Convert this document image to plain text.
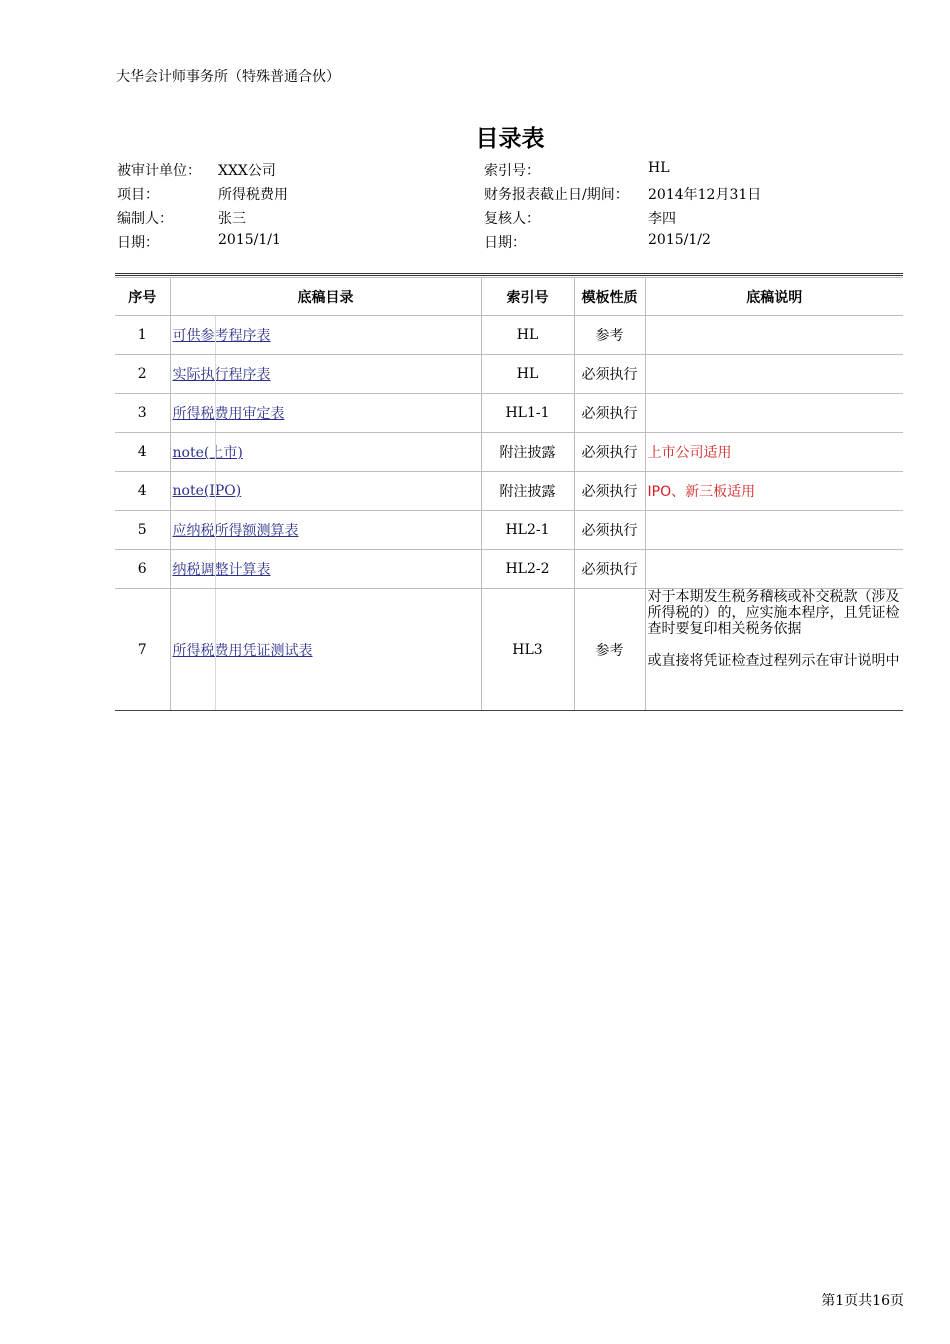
大华会计师事务所（特殊普通合伙）
目录表
被审计单位： XXX公司	索引号：	HL
项目：	所得税费用	财务报表截止日/期间： 2014年12月31日
编制人：	张三	复核人：	李四
日期：	2015/1/1	日期：	2015/1/2
序号	底稿目录	索引号	模板性质	底稿说明
1	可供参考程序表	HL	参考	
2	实际执行程序表	HL	必须执行	
3	所得税费用审定表	HL1-1	必须执行	
4	note(上市)	附注披露	必须执行	上市公司适用
4	note(IPO)	附注披露	必须执行	IPO、新三板适用
5	应纳税所得额测算表	HL2-1	必须执行	
6	纳税调整计算表	HL2-2	必须执行	
7	所得税费用凭证测试表	HL3	参考	对于本期发生税务稽核或补交税款（涉及所得税的）的，应实施本程序，且凭证检查时要复印相关税务依据
或直接将凭证检查过程列示在审计说明中
第1页共16页
